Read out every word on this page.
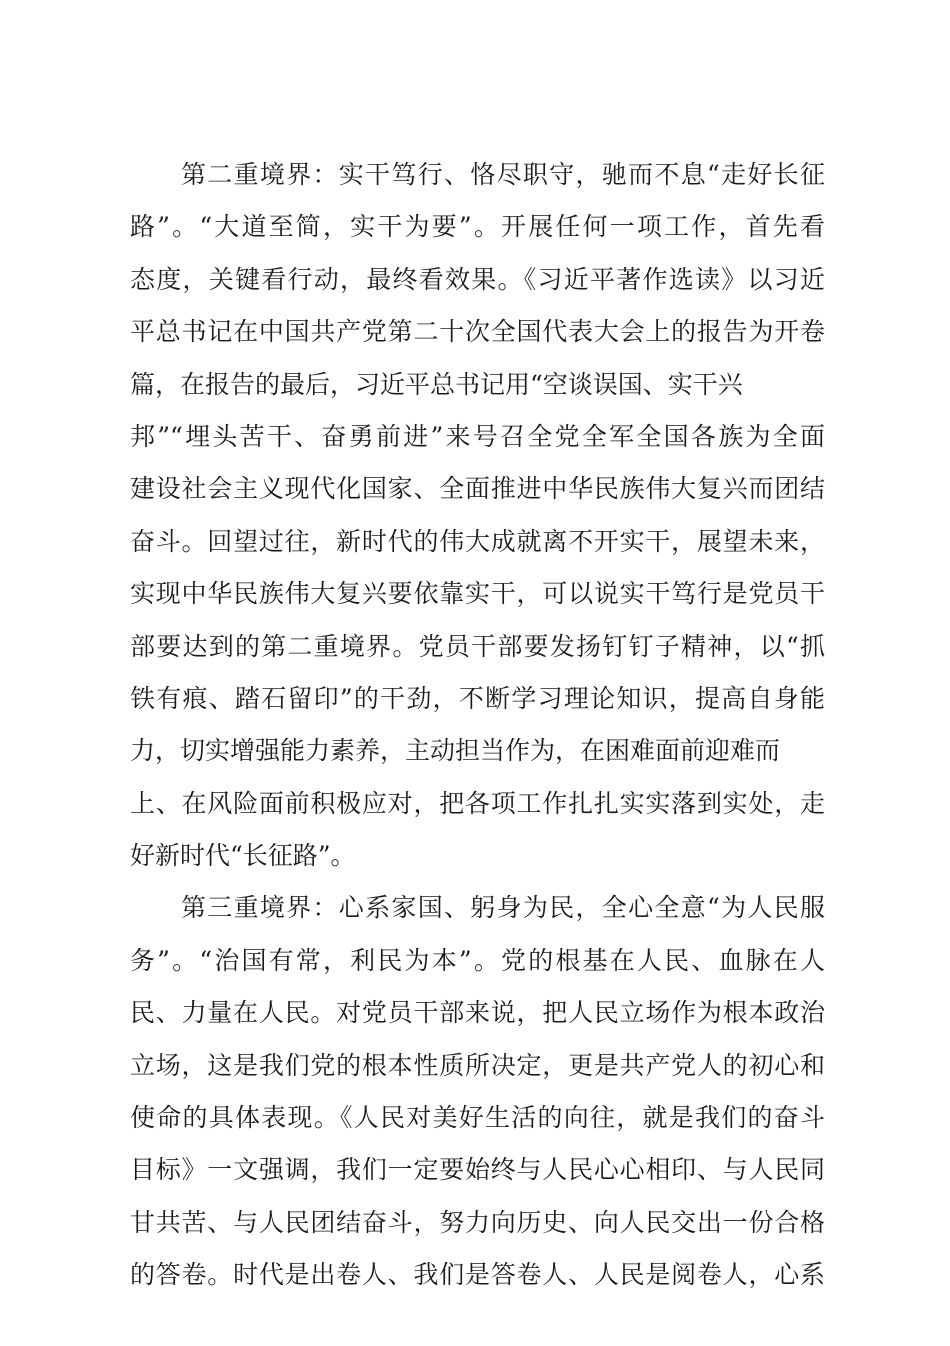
第二重境界：实干笃行、恪尽职守，驰而不息“走好长征
路”。“大道至简，实干为要”。开展任何一项工作，首先看
态度，关键看行动，最终看效果。《习近平著作选读》以习近
平总书记在中国共产党第二十次全国代表大会上的报告为开卷
篇，在报告的最后，习近平总书记用“空谈误国、实干兴
邦”“埋头苦干、奋勇前进”来号召全党全军全国各族为全面
建设社会主义现代化国家、全面推进中华民族伟大复兴而团结
奋斗。回望过往，新时代的伟大成就离不开实干，展望未来，
实现中华民族伟大复兴要依靠实干，可以说实干笃行是党员干
部要达到的第二重境界。党员干部要发扬钉钉子精神，以“抓
铁有痕、踏石留印”的干劲，不断学习理论知识，提高自身能
力，切实增强能力素养，主动担当作为，在困难面前迎难而
上、在风险面前积极应对，把各项工作扎扎实实落到实处，走
好新时代“长征路”。
第三重境界：心系家国、躬身为民，全心全意“为人民服
务”。“治国有常，利民为本”。党的根基在人民、血脉在人
民、力量在人民。对党员干部来说，把人民立场作为根本政治
立场，这是我们党的根本性质所决定，更是共产党人的初心和
使命的具体表现。《人民对美好生活的向往，就是我们的奋斗
目标》一文强调，我们一定要始终与人民心心相印、与人民同
甘共苦、与人民团结奋斗，努力向历史、向人民交出一份合格
的答卷。时代是出卷人、我们是答卷人、人民是阅卷人，心系
